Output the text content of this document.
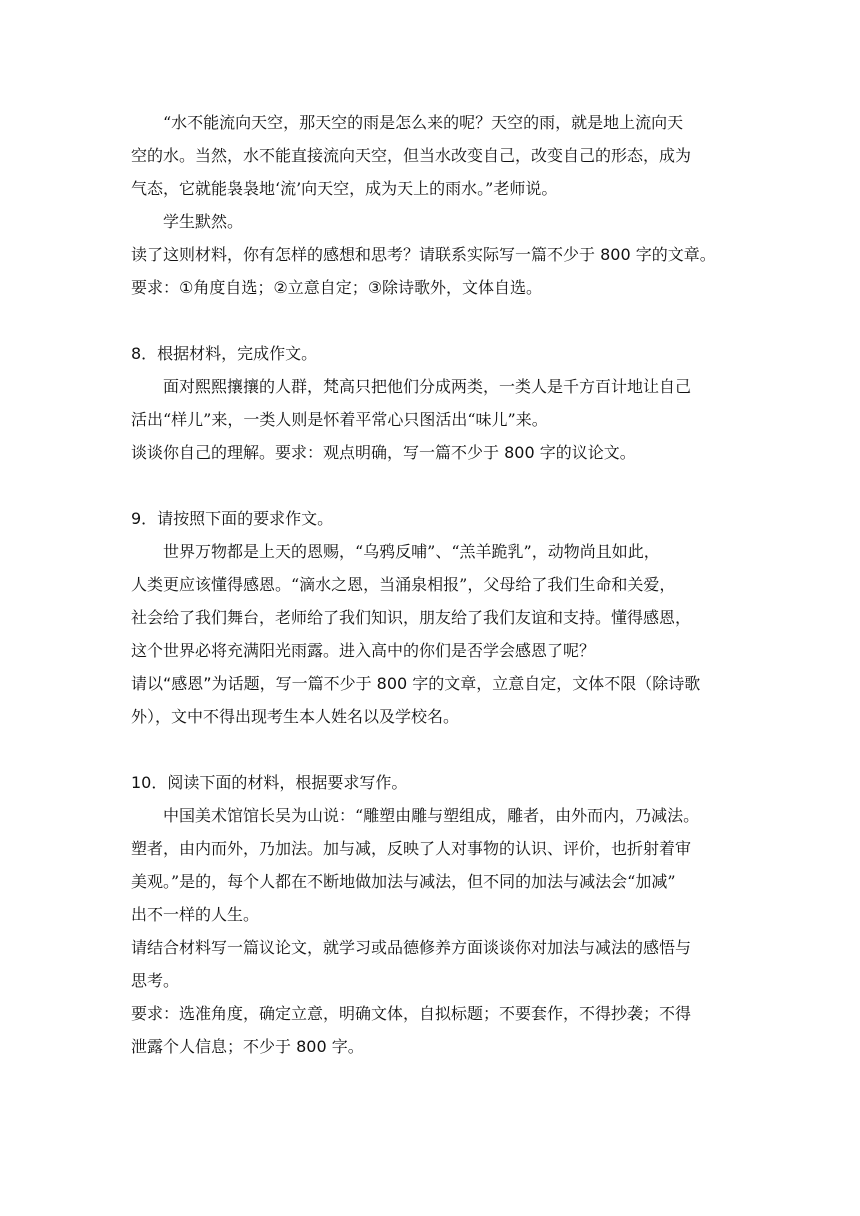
“水不能流向天空，那天空的雨是怎么来的呢？天空的雨，就是地上流向天

空的水。当然，水不能直接流向天空，但当水改变自己，改变自己的形态，成为

气态，它就能袅袅地‘流’向天空，成为天上的雨水。”老师说。

学生默然。

读了这则材料，你有怎样的感想和思考？请联系实际写一篇不少于 800 字的文章。

要求：①角度自选；②立意自定；③除诗歌外，文体自选。

8．根据材料，完成作文。

面对熙熙攘攘的人群，梵高只把他们分成两类，一类人是千方百计地让自己

活出“样儿”来，一类人则是怀着平常心只图活出“味儿”来。

谈谈你自己的理解。要求：观点明确，写一篇不少于 800 字的议论文。

9．请按照下面的要求作文。

世界万物都是上天的恩赐，“乌鸦反哺”、“羔羊跪乳”，动物尚且如此，

人类更应该懂得感恩。“滴水之恩，当涌泉相报”，父母给了我们生命和关爱，

社会给了我们舞台，老师给了我们知识，朋友给了我们友谊和支持。懂得感恩，

这个世界必将充满阳光雨露。进入高中的你们是否学会感恩了呢？

请以“感恩”为话题，写一篇不少于 800 字的文章，立意自定，文体不限（除诗歌

外），文中不得出现考生本人姓名以及学校名。

10．阅读下面的材料，根据要求写作。

中国美术馆馆长吴为山说：“雕塑由雕与塑组成，雕者，由外而内，乃减法。

塑者，由内而外，乃加法。加与减，反映了人对事物的认识、评价，也折射着审

美观。”是的，每个人都在不断地做加法与减法，但不同的加法与减法会“加减”

出不一样的人生。

请结合材料写一篇议论文，就学习或品德修养方面谈谈你对加法与减法的感悟与

思考。

要求：选准角度，确定立意，明确文体，自拟标题；不要套作，不得抄袭；不得

泄露个人信息；不少于 800 字。
